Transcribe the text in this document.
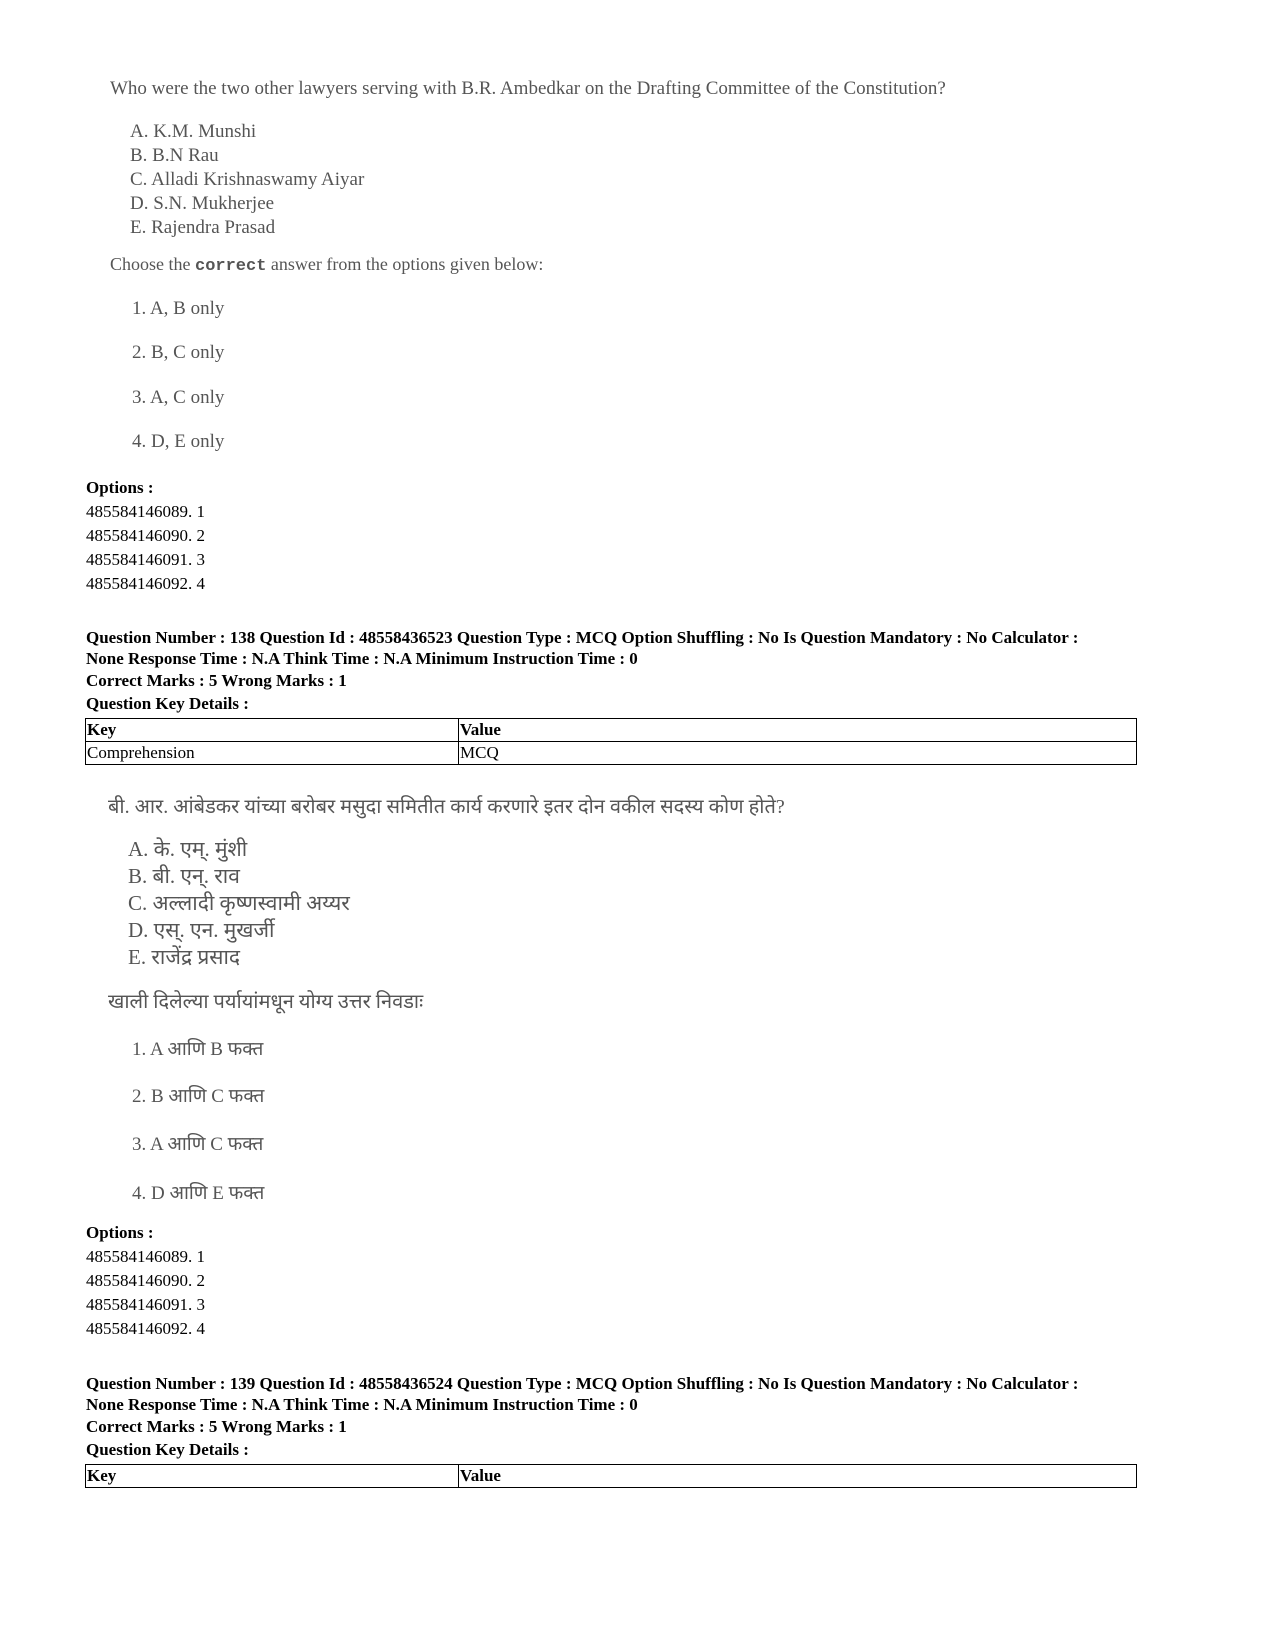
Who were the two other lawyers serving with B.R. Ambedkar on the Drafting Committee of the Constitution?
A. K.M. Munshi
B. B.N Rau
C. Alladi Krishnaswamy Aiyar
D. S.N. Mukherjee
E. Rajendra Prasad
Choose the correct answer from the options given below:
1. A, B only
2. B, C only
3. A, C only
4. D, E only
Options :
485584146089. 1
485584146090. 2
485584146091. 3
485584146092. 4
Question Number : 138 Question Id : 48558436523 Question Type : MCQ Option Shuffling : No Is Question Mandatory : No Calculator :
None Response Time : N.A Think Time : N.A Minimum Instruction Time : 0
Correct Marks : 5 Wrong Marks : 1
Question Key Details :
Key	Value
Comprehension	MCQ
बी. आर. आंबेडकर यांच्या बरोबर मसुदा समितीत कार्य करणारे इतर दोन वकील सदस्य कोण होते?
A. के. एम्. मुंशी
B. बी. एन्. राव
C. अल्लादी कृष्णस्वामी अय्यर
D. एस्. एन. मुखर्जी
E. राजेंद्र प्रसाद
खाली दिलेल्या पर्यायांमधून योग्य उत्तर निवडाः
1. A आणि B फक्त
2. B आणि C फक्त
3. A आणि C फक्त
4. D आणि E फक्त
Options :
485584146089. 1
485584146090. 2
485584146091. 3
485584146092. 4
Question Number : 139 Question Id : 48558436524 Question Type : MCQ Option Shuffling : No Is Question Mandatory : No Calculator :
None Response Time : N.A Think Time : N.A Minimum Instruction Time : 0
Correct Marks : 5 Wrong Marks : 1
Question Key Details :
Key	Value
